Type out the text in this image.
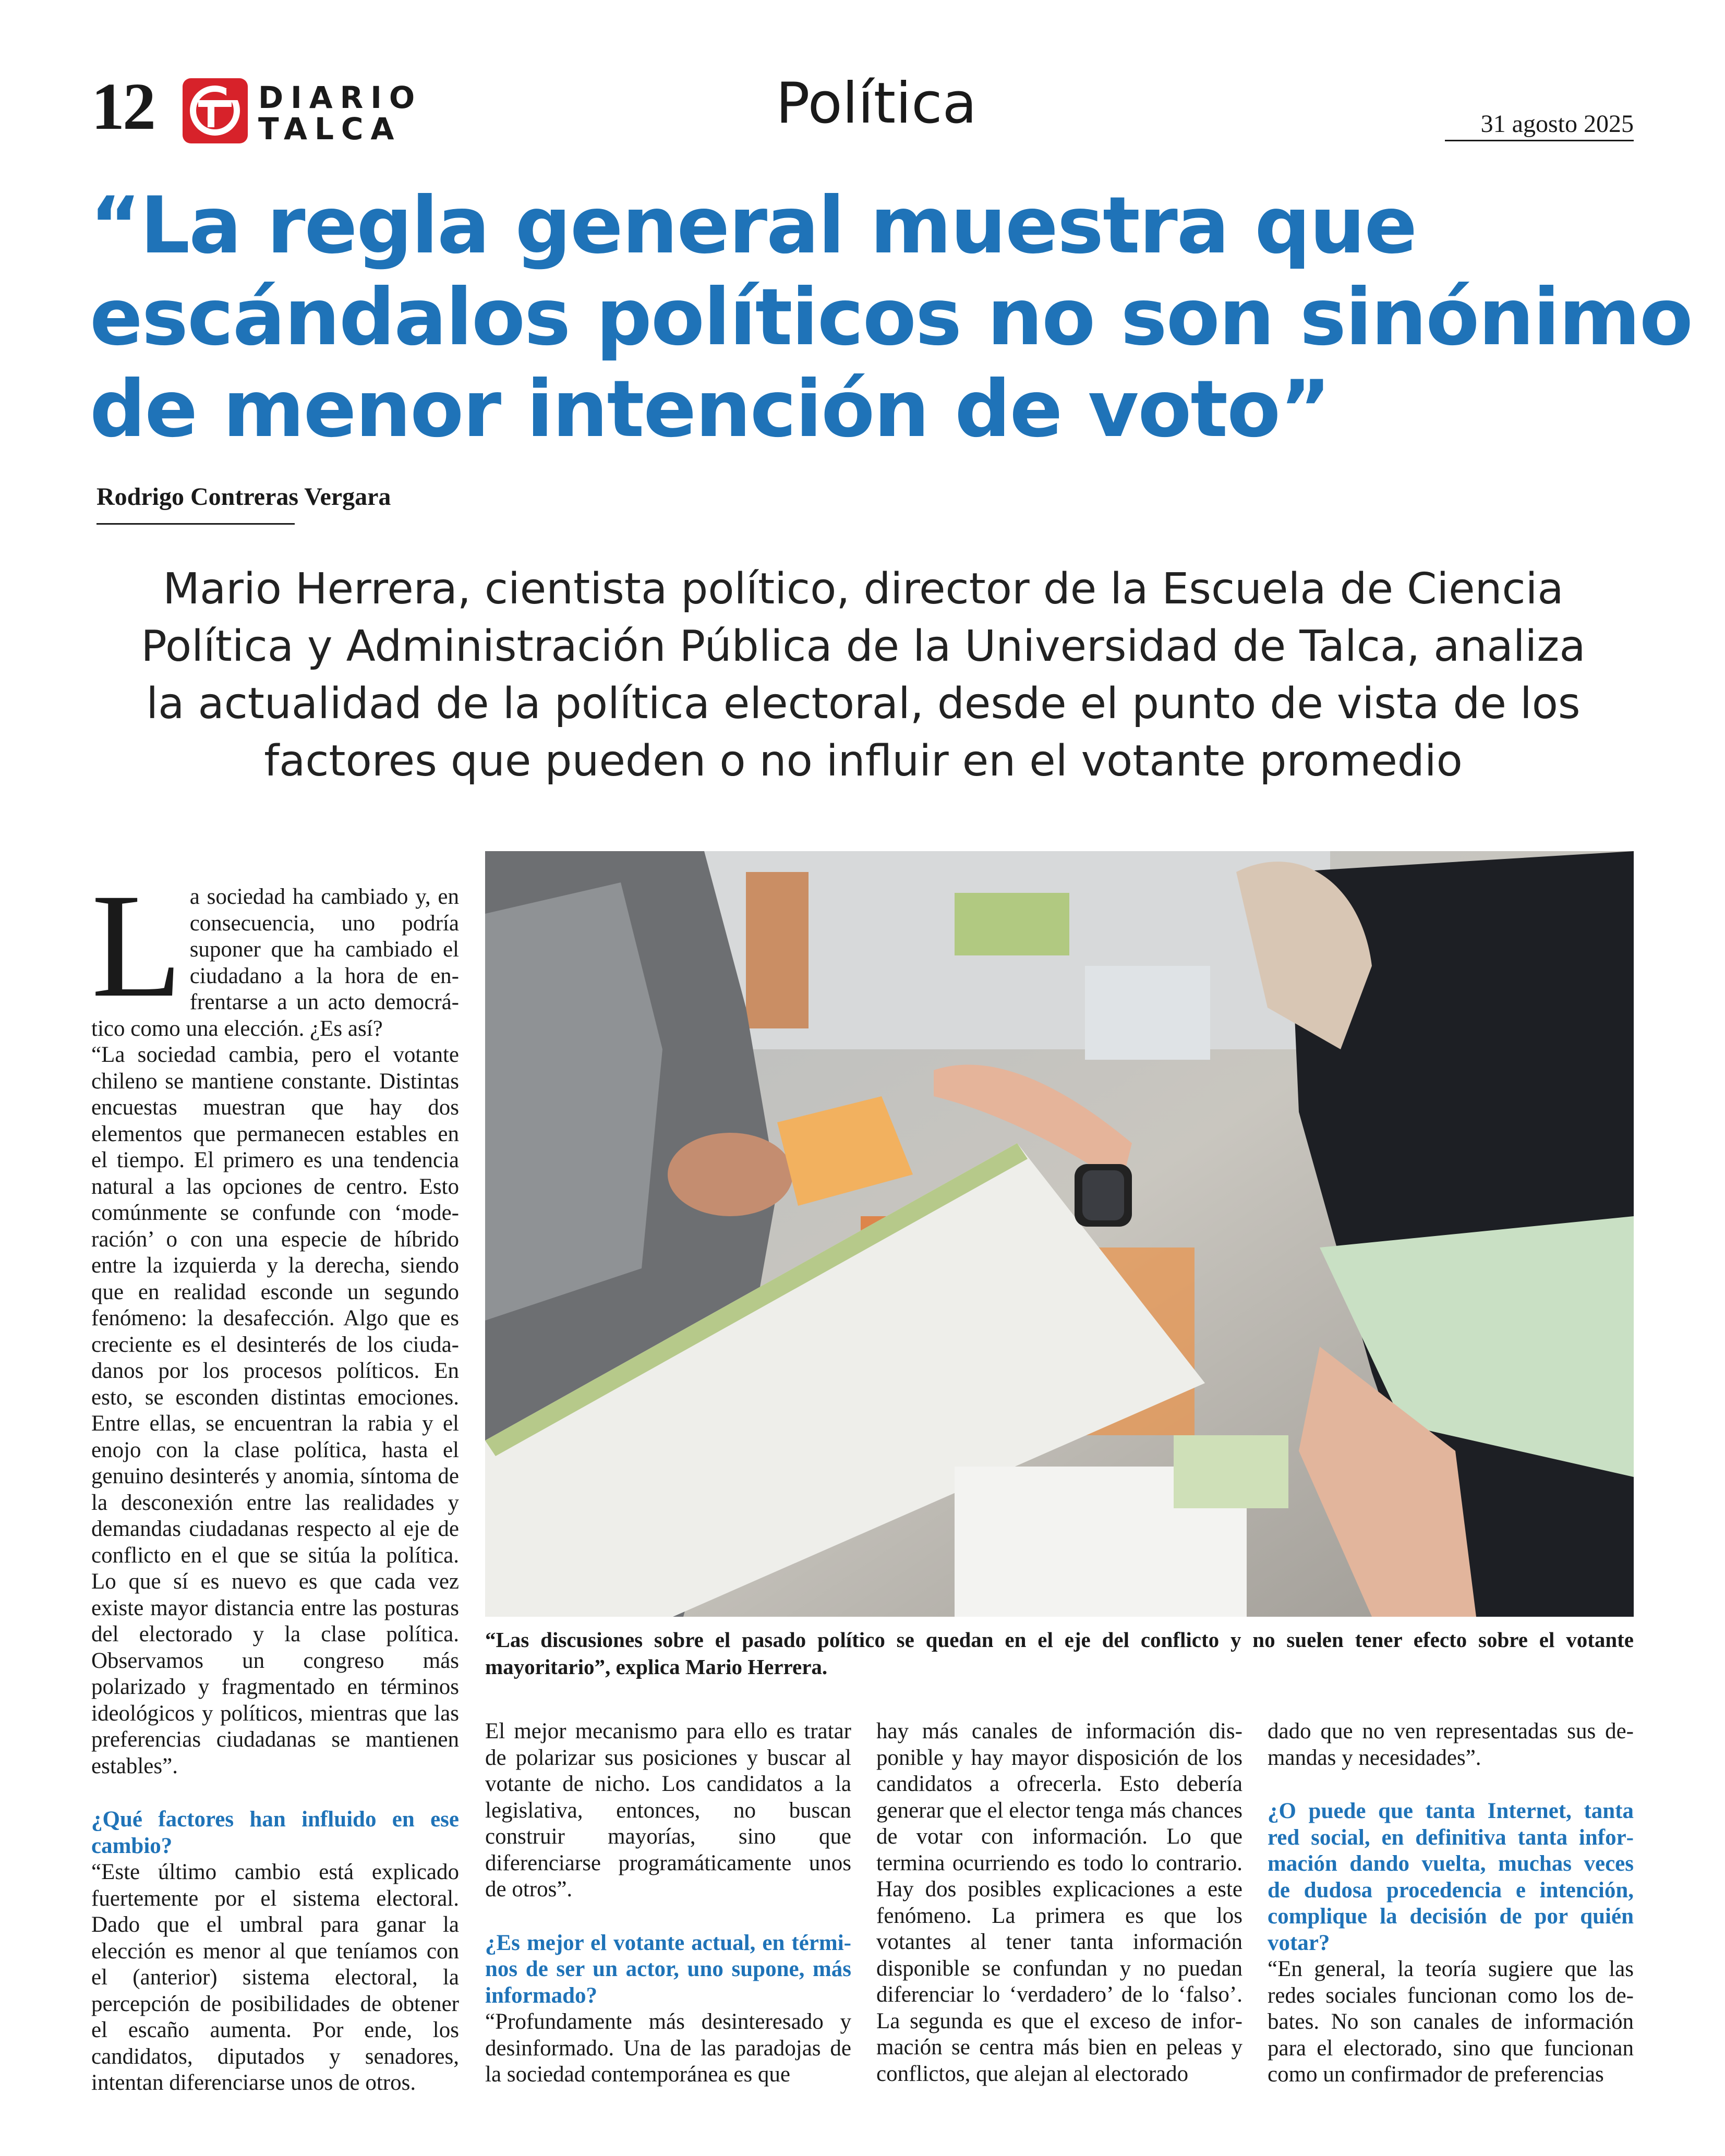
12	DIARIO
TALCA	Política	31 agosto 2025
“La regla general muestra que
escándalos políticos no son sinónimo
de menor intención de voto”
Rodrigo Contreras Vergara
Mario Herrera, cientista político, director de la Escuela de Ciencia
Política y Administración Pública de la Universidad de Talca, analiza
la actualidad de la política electoral, desde el punto de vista de los
factores que pueden o no influir en el votante promedio
“Las discusiones sobre el pasado político se quedan en el eje del conflicto y no suelen tener efecto sobre el votante mayoritario”, explica Mario Herrera.
L a sociedad ha cambiado y, en consecuencia, uno podría suponer que ha cambiado el ciudadano a la hora de enfrentarse a un acto democrático como una elección. ¿Es así?

“La sociedad cambia, pero el votante chileno se mantiene constante. Distintas encuestas muestran que hay dos elementos que permanecen estables en el tiempo. El primero es una tendencia natural a las opciones de centro. Esto comúnmente se confunde con ‘moderación’ o con una especie de híbrido entre la izquierda y la derecha, siendo que en realidad esconde un segundo fenómeno: la desafección. Algo que es creciente es el desinterés de los ciudadanos por los procesos políticos. En esto, se esconden distintas emociones. Entre ellas, se encuentran la rabia y el enojo con la clase política, hasta el genuino desinterés y anomia, síntoma de la desconexión entre las realidades y demandas ciudadanas respecto al eje de conflicto en el que se sitúa la política. Lo que sí es nuevo es que cada vez existe mayor distancia entre las posturas del electorado y la clase política. Observamos un congreso más polarizado y fragmentado en términos ideológicos y políticos, mientras que las preferencias ciudadanas se mantienen estables”.

¿Qué factores han influido en ese cambio?

“Este último cambio está explicado fuertemente por el sistema electoral. Dado que el umbral para ganar la elección es menor al que teníamos con el (anterior) sistema electoral, la percepción de posibilidades de obtener el escaño aumenta. Por ende, los candidatos, diputados y senadores, intentan diferenciarse unos de otros.

El mejor mecanismo para ello es tratar de polarizar sus posiciones y buscar al votante de nicho. Los candidatos a la legislativa, entonces, no buscan construir mayorías, sino que diferenciarse programáticamente unos de otros”.

¿Es mejor el votante actual, en términos de ser un actor, uno supone, más informado?

“Profundamente más desinteresado y desinformado. Una de las paradojas de la sociedad contemporánea es que

hay más canales de información disponible y hay mayor disposición de los candidatos a ofrecerla. Esto debería generar que el elector tenga más chances de votar con información. Lo que termina ocurriendo es todo lo contrario. Hay dos posibles explicaciones a este fenómeno. La primera es que los votantes al tener tanta información disponible se confundan y no puedan diferenciar lo ‘verdadero’ de lo ‘falso’. La segunda es que el exceso de información se centra más bien en peleas y conflictos, que alejan al electorado

dado que no ven representadas sus demandas y necesidades”.

¿O puede que tanta Internet, tanta red social, en definitiva tanta información dando vuelta, muchas veces de dudosa procedencia e intención, complique la decisión de por quién votar?

“En general, la teoría sugiere que las redes sociales funcionan como los debates. No son canales de información para el electorado, sino que funcionan como un confirmador de preferencias
